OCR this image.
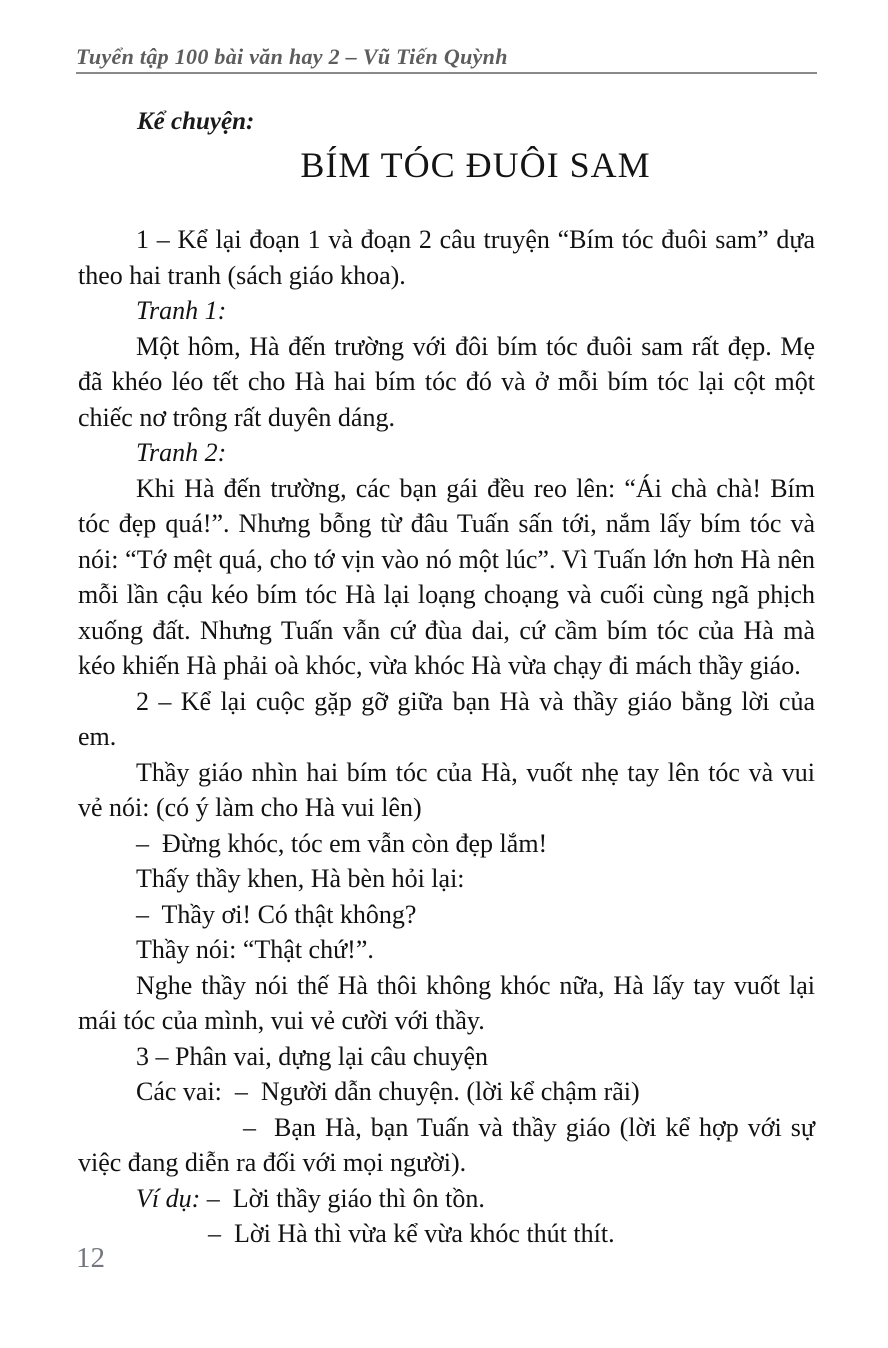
Tuyển tập 100 bài văn hay 2 – Vũ Tiến Quỳnh
Kể chuyện:
BÍM TÓC ĐUÔI SAM

1 – Kể lại đoạn 1 và đoạn 2 câu truyện “Bím tóc đuôi sam” dựa theo hai tranh (sách giáo khoa).

Tranh 1:

Một hôm, Hà đến trường với đôi bím tóc đuôi sam rất đẹp. Mẹ đã khéo léo tết cho Hà hai bím tóc đó và ở mỗi bím tóc lại cột một chiếc nơ trông rất duyên dáng.

Tranh 2:

Khi Hà đến trường, các bạn gái đều reo lên: “Ái chà chà! Bím tóc đẹp quá!”. Nhưng bỗng từ đâu Tuấn sấn tới, nắm lấy bím tóc và nói: “Tớ mệt quá, cho tớ vịn vào nó một lúc”. Vì Tuấn lớn hơn Hà nên mỗi lần cậu kéo bím tóc Hà lại loạng choạng và cuối cùng ngã phịch xuống đất. Nhưng Tuấn vẫn cứ đùa dai, cứ cầm bím tóc của Hà mà kéo khiến Hà phải oà khóc, vừa khóc Hà vừa chạy đi mách thầy giáo.

2 – Kể lại cuộc gặp gỡ giữa bạn Hà và thầy giáo bằng lời của em.

Thầy giáo nhìn hai bím tóc của Hà, vuốt nhẹ tay lên tóc và vui vẻ nói: (có ý làm cho Hà vui lên)

–  Đừng khóc, tóc em vẫn còn đẹp lắm!

Thấy thầy khen, Hà bèn hỏi lại:

–  Thầy ơi! Có thật không?

Thầy nói: “Thật chứ!”.

Nghe thầy nói thế Hà thôi không khóc nữa, Hà lấy tay vuốt lại mái tóc của mình, vui vẻ cười với thầy.

3 – Phân vai, dựng lại câu chuyện

Các vai:  –  Người dẫn chuyện. (lời kể chậm rãi)

–  Bạn Hà, bạn Tuấn và thầy giáo (lời kể hợp với sự việc đang diễn ra đối với mọi người).

Ví dụ: –  Lời thầy giáo thì ôn tồn.

–  Lời Hà thì vừa kể vừa khóc thút thít.

12
